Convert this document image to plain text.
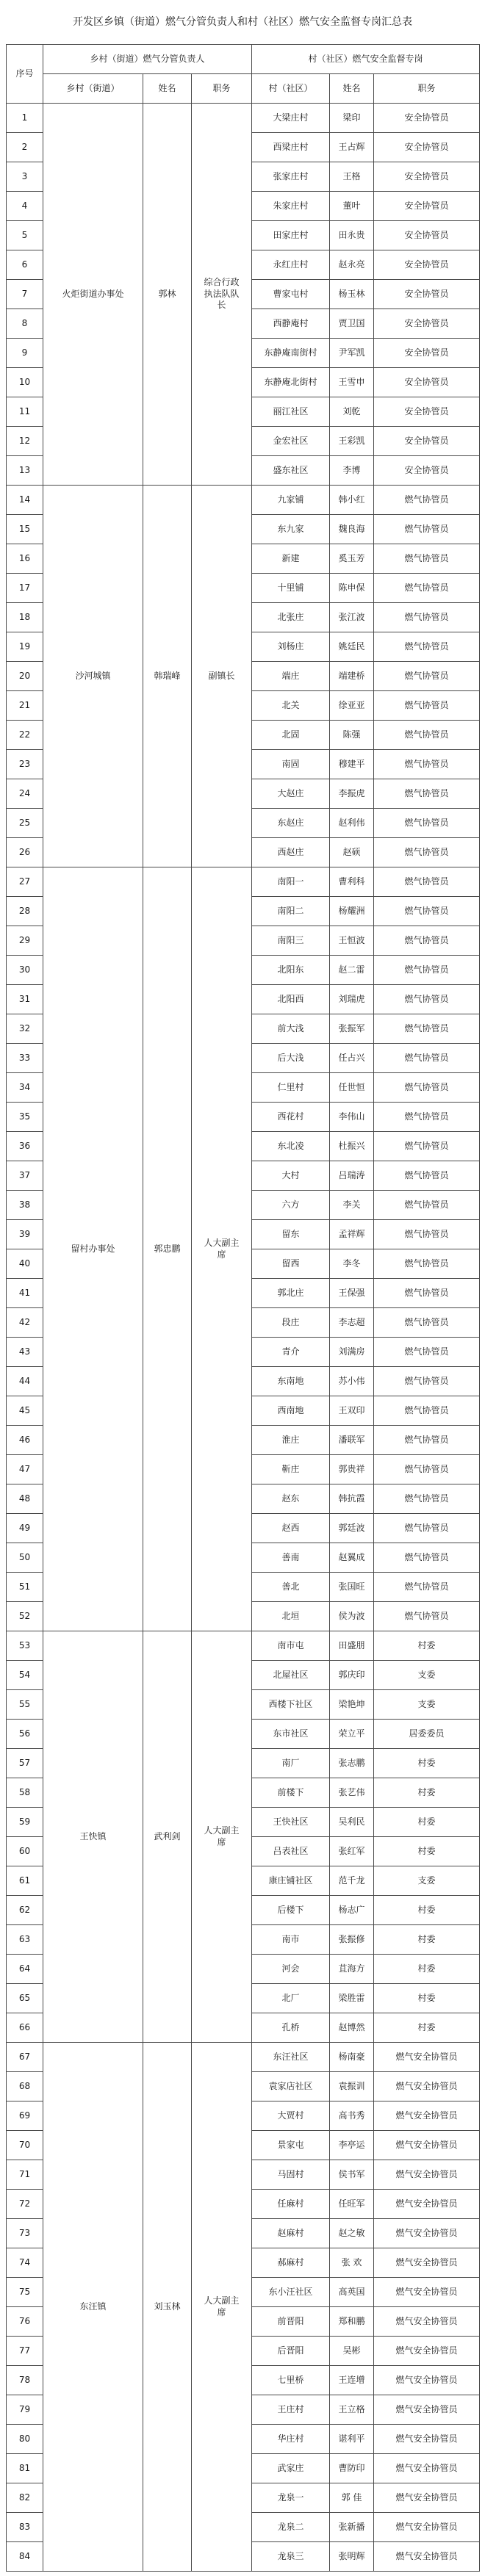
开发区乡镇（街道）燃气分管负责人和村（社区）燃气安全监督专岗汇总表
序号
乡村（街道）燃气分管负责人	村（社区）燃气安全监督专岗
乡村（街道）	姓名	职务	村（社区）	姓名	职务
火炬街道办事处	郭林
综合行政执法队队长
1	大梁庄村	梁印	安全协管员
2	西梁庄村	王占辉	安全协管员
3	张家庄村	王格	安全协管员
4	朱家庄村	董叶	安全协管员
5	田家庄村	田永贵	安全协管员
6	永红庄村	赵永亮	安全协管员
7	曹家屯村	杨玉林	安全协管员
8	西静庵村	贾卫国	安全协管员
9	东静庵南街村	尹军凯	安全协管员
10	东静庵北街村	王雪申	安全协管员
11	丽江社区	刘乾	安全协管员
12	金宏社区	王彩凯	安全协管员
13	盛东社区	李博	安全协管员
沙河城镇	韩瑞峰	副镇长
14	九家铺	韩小红	燃气协管员
15	东九家	魏良海	燃气协管员
16	新建	奚玉芳	燃气协管员
17	十里铺	陈申保	燃气协管员
18	北张庄	张江波	燃气协管员
19	刘杨庄	姚廷民	燃气协管员
20	端庄	端建桥	燃气协管员
21	北关	徐亚亚	燃气协管员
22	北固	陈强	燃气协管员
23	南固	穆建平	燃气协管员
24	大赵庄	李振虎	燃气协管员
25	东赵庄	赵利伟	燃气协管员
26	西赵庄	赵硕	燃气协管员
留村办事处	郭忠鹏
人大副主席
27	南阳一	曹利科	燃气协管员
28	南阳二	杨耀洲	燃气协管员
29	南阳三	王恒波	燃气协管员
30	北阳东	赵二雷	燃气协管员
31	北阳西	刘瑞虎	燃气协管员
32	前大浅	张振军	燃气协管员
33	后大浅	任占兴	燃气协管员
34	仁里村	任世恒	燃气协管员
35	西花村	李伟山	燃气协管员
36	东北凌	杜振兴	燃气协管员
37	大村	吕瑞涛	燃气协管员
38	六方	李关	燃气协管员
39	留东	孟祥辉	燃气协管员
40	留西	李冬	燃气协管员
41	郭北庄	王保强	燃气协管员
42	段庄	李志超	燃气协管员
43	青介	刘满房	燃气协管员
44	东南地	苏小伟	燃气协管员
45	西南地	王双印	燃气协管员
46	淮庄	潘联军	燃气协管员
47	靳庄	郭贵祥	燃气协管员
48	赵东	韩抗霞	燃气协管员
49	赵西	郭廷波	燃气协管员
50	善南	赵翼成	燃气协管员
51	善北	张国旺	燃气协管员
52	北垣	侯为波	燃气协管员
王快镇	武利剑
人大副主席
53	南市屯	田盛朋	村委
54	北屋社区	郭庆印	支委
55	西楼下社区	梁艳坤	支委
56	东市社区	荣立平	居委委员
57	南厂	张志鹏	村委
58	前楼下	张艺伟	村委
59	王快社区	吴利民	村委
60	吕表社区	张红军	村委
61	康庄铺社区	范千龙	支委
62	后楼下	杨志广	村委
63	南市	张振修	村委
64	河会	苴海方	村委
65	北厂	梁胜雷	村委
66	孔桥	赵博然	村委
东汪镇	刘玉林
人大副主席
67	东汪社区	杨南豪	燃气安全协管员
68	袁家店社区	袁振训	燃气安全协管员
69	大贾村	高书秀	燃气安全协管员
70	景家屯	李亭运	燃气安全协管员
71	马固村	侯书军	燃气安全协管员
72	任麻村	任旺军	燃气安全协管员
73	赵麻村	赵之敏	燃气安全协管员
74	郝麻村	张 欢	燃气安全协管员
75	东小汪社区	高英国	燃气安全协管员
76	前晋阳	郑和鹏	燃气安全协管员
77	后晋阳	吴彬	燃气安全协管员
78	七里桥	王连增	燃气安全协管员
79	王庄村	王立格	燃气安全协管员
80	华庄村	谌利平	燃气安全协管员
81	武家庄	曹防印	燃气安全协管员
82	龙泉一	郭 佳	燃气安全协管员
83	龙泉二	张新播	燃气安全协管员
84	龙泉三	张明辉	燃气安全协管员
